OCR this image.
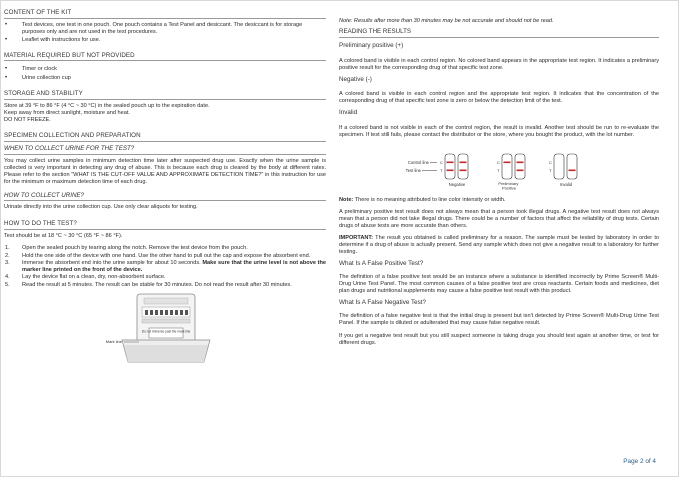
CONTENT OF THE KIT
• Test devices, one test in one pouch. One pouch contains a Test Panel and desiccant. The desiccant is for storage purposes only and are not used in the test procedures.
• Leaflet with instructions for use.
MATERIAL REQUIRED BUT NOT PROVIDED
• Timer or clock
• Urine collection cup
STORAGE AND STABILITY
Store at 39 °F to 86 °F (4 °C ~ 30 °C) in the sealed pouch up to the expiration date.
Keep away from direct sunlight, moisture and heat.
DO NOT FREEZE.
SPECIMEN COLLECTION AND PREPARATION
WHEN TO COLLECT URINE FOR THE TEST?

You may collect urine samples in minimum detection time later after suspected drug use. Exactly when the urine sample is collected is very important in detecting any drug of abuse. This is because each drug is cleared by the body at different rates. Please refer to the section "WHAT IS THE CUT-OFF VALUE AND APPROXIMATE DETECTION TIME?" in this instruction for use for the minimum or maximum detection time of each drug.

HOW TO COLLECT URINE?

Urinate directly into the urine collection cup. Use only clear aliquots for testing.

HOW TO DO THE TEST?

Test should be at 18 °C ~ 30 °C (65 °F ~ 86 °F).

1. Open the sealed pouch by tearing along the notch. Remove the test device from the pouch.
2. Hold the one side of the device with one hand. Use the other hand to pull out the cap and expose the absorbent end.
3. Immerse the absorbent end into the urine sample for about 10 seconds. Make sure that the urine level is not above the marker line printed on the front of the device.
4. Lay the device flat on a clean, dry, non-absorbent surface.
5. Read the result at 5 minutes. The result can be stable for 30 minutes. Do not read the result after 30 minutes.
Do not immerse past the mark line
Mark line

Note: Results after more than 30 minutes may be not accurate and should not be read.

READING THE RESULTS
Preliminary positive (+)

A colored band is visible in each control region. No colored band appears in the appropriate test region. It indicates a preliminary positive result for the corresponding drug of that specific test zone.

Negative (-)

A colored band is visible in each control region and the appropriate test region. It indicates that the concentration of the corresponding drug of that specific test zone is zero or below the detection limit of the test.

Invalid

If a colored band is not visible in each of the control region, the result is invalid. Another test should be run to re-evaluate the specimen. If test still fails, please contact the distributor or the store, where you bought the product, with the lot number.

Control line
Test line
C
T
Negative
C
T
Preliminary Positive
C
T
Invalid

Note: There is no meaning attributed to line color intensity or width.

A preliminary positive test result does not always mean that a person took illegal drugs. A negative test result does not always mean that a person did not take illegal drugs. There could be a number of factors that affect the reliability of drug tests. Certain drugs of abuse tests are more accurate than others.

IMPORTANT: The result you obtained is called preliminary for a reason. The sample must be tested by laboratory in order to determine if a drug of abuse is actually present. Send any sample which does not give a negative result to a laboratory for further testing.

What Is A False Positive Test?

The definition of a false positive test would be an instance where a substance is identified incorrectly by Prime Screen® Multi-Drug Urine Test Panel. The most common causes of a false positive test are cross reactants. Certain foods and medicines, diet plan drugs and nutritional supplements may cause a false positive test result with this product.

What Is A False Negative Test?

The definition of a false negative test is that the initial drug is present but isn't detected by Prime Screen® Multi-Drug Urine Test Panel. If the sample is diluted or adulterated that may cause false negative result.

If you get a negative test result but you still suspect someone is taking drugs you should test again at another time, or test for different drugs.

Page 2 of 4
